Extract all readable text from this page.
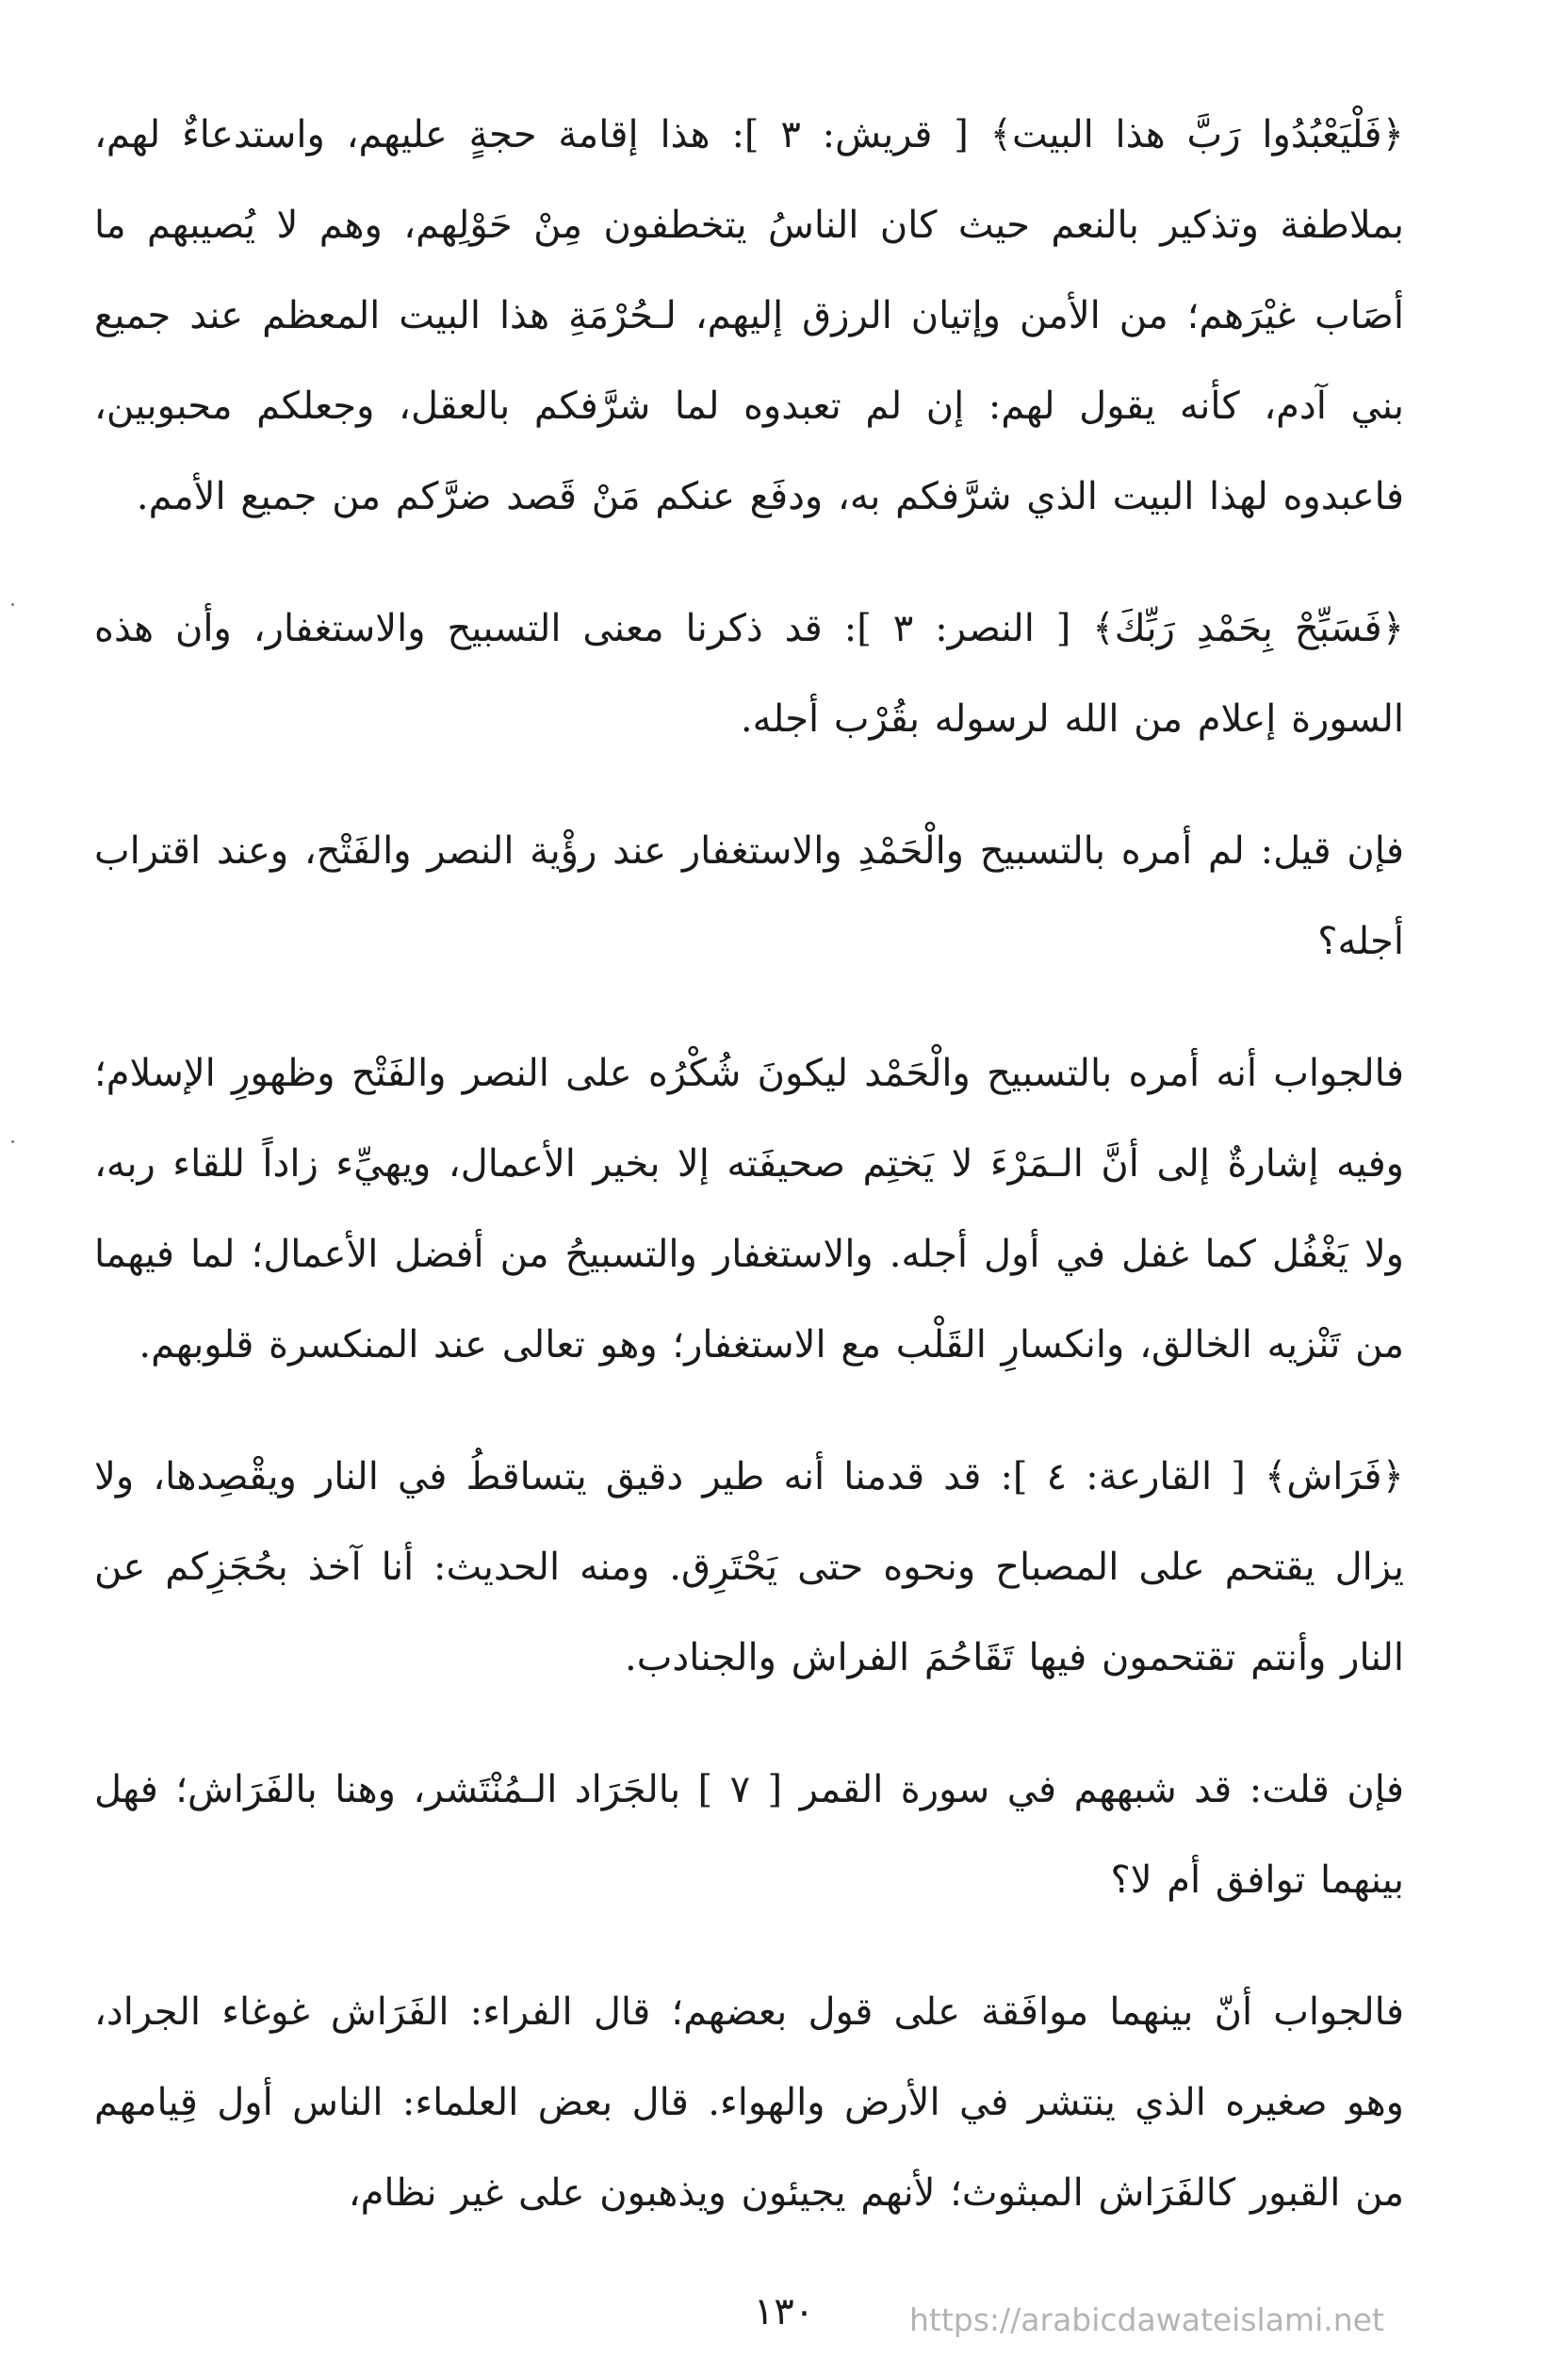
﴿فَلْيَعْبُدُوا رَبَّ هذا البيت﴾ [ قريش: ٣ ]: هذا إقامة حجةٍ عليهم، واستدعاءٌ لهم، بملاطفة وتذكير بالنعم حيث كان الناسُ يتخطفون مِنْ حَوْلِهم، وهم لا يُصيبهم ما أصَاب غيْرَهم؛ من الأمن وإتيان الرزق إليهم، لـحُرْمَةِ هذا البيت المعظم عند جميع بني آدم، كأنه يقول لهم: إن لم تعبدوه لما شرَّفكم بالعقل، وجعلكم محبوبين، فاعبدوه لهذا البيت الذي شرَّفكم به، ودفَع عنكم مَنْ قَصد ضرَّكم من جميع الأمم.

﴿فَسَبِّحْ بِحَمْدِ رَبِّكَ﴾ [ النصر: ٣ ]: قد ذكرنا معنى التسبيح والاستغفار، وأن هذه السورة إعلام من الله لرسوله بقُرْب أجله.

فإن قيل: لم أمره بالتسبيح والْحَمْدِ والاستغفار عند رؤْية النصر والفَتْح، وعند اقتراب أجله؟

فالجواب أنه أمره بالتسبيح والْحَمْد ليكونَ شُكْرُه على النصر والفَتْح وظهورِ الإسلام؛ وفيه إشارةٌ إلى أنَّ الـمَرْءَ لا يَختِم صحيفَته إلا بخير الأعمال، ويهيِّء زاداً للقاء ربه، ولا يَغْفُل كما غفل في أول أجله. والاستغفار والتسبيحُ من أفضل الأعمال؛ لما فيهما من تَنْزيه الخالق، وانكسارِ القَلْب مع الاستغفار؛ وهو تعالى عند المنكسرة قلوبهم.

﴿فَرَاش﴾ [ القارعة: ٤ ]: قد قدمنا أنه طير دقيق يتساقطُ في النار ويقْصِدها، ولا يزال يقتحم على المصباح ونحوه حتى يَحْتَرِق. ومنه الحديث: أنا آخذ بحُجَزِكم عن النار وأنتم تقتحمون فيها تَقَاحُمَ الفراش والجنادب.

فإن قلت: قد شبههم في سورة القمر [ ٧ ] بالجَرَاد الـمُنْتَشر، وهنا بالفَرَاش؛ فهل بينهما توافق أم لا؟

فالجواب أنّ بينهما موافَقة على قول بعضهم؛ قال الفراء: الفَرَاش غوغاء الجراد، وهو صغيره الذي ينتشر في الأرض والهواء. قال بعض العلماء: الناس أول قِيامهم من القبور كالفَرَاش المبثوث؛ لأنهم يجيئون ويذهبون على غير نظام،

١٣٠	https://arabicdawateislami.net
